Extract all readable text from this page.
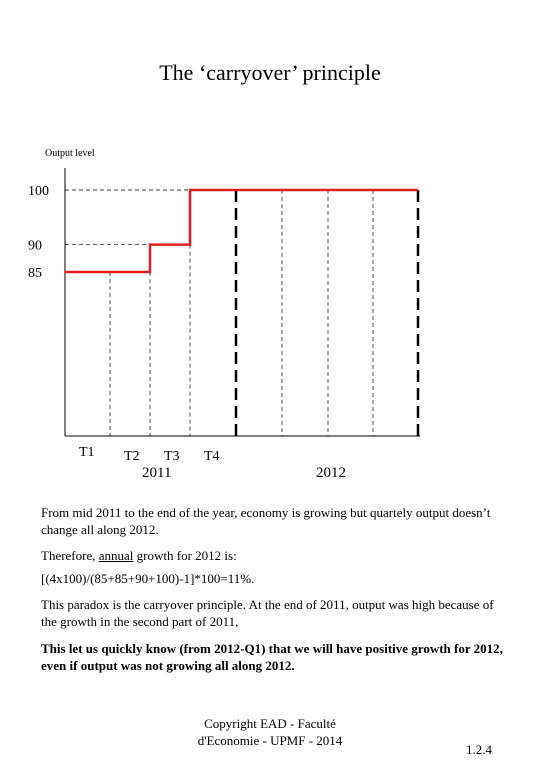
The ‘carryover’ principle
Output level
100
90
85
T1 T2 T3 T4
2011	2012
From mid 2011 to the end of the year, economy is growing but quartely output doesn’t change all along 2012.
Therefore, annual growth for 2012 is:
[(4x100)/(85+85+90+100)-1]*100=11%.
This paradox is the carryover principle. At the end of 2011, output was high because of the growth in the second part of 2011,
This let us quickly know (from 2012-Q1) that we will have positive growth for 2012, even if output was not growing all along 2012.
Copyright EAD - Faculté
d'Economie - UPMF - 2014
1.2.4
